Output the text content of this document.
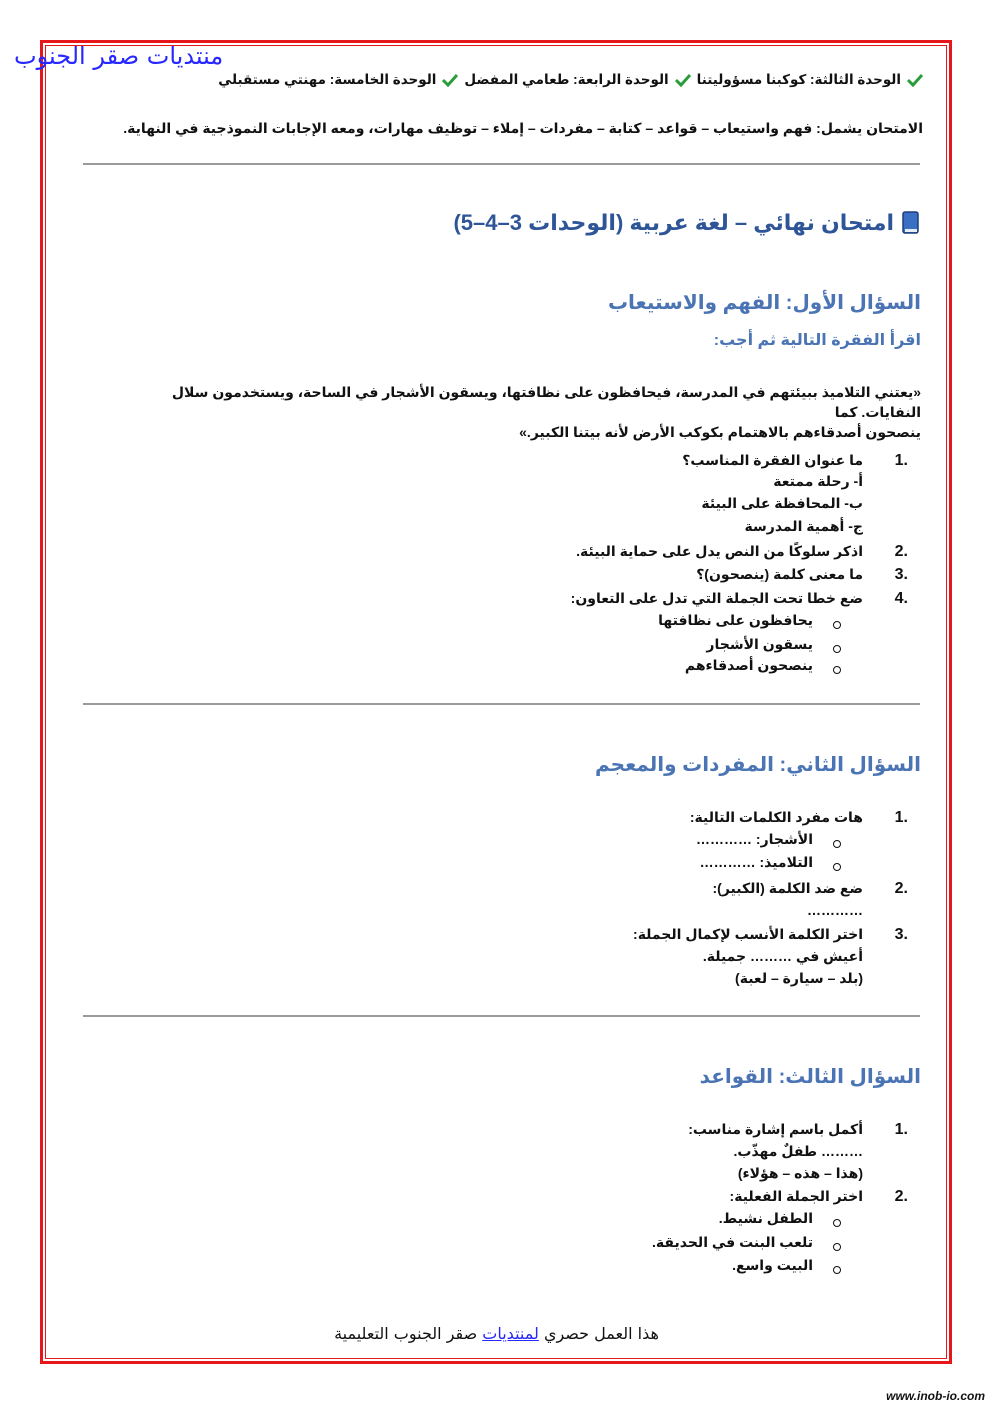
منتديات صقر الجنوب
الوحدة الثالثة: كوكبنا مسؤوليتنا
الوحدة الرابعة: طعامي المفضل
الوحدة الخامسة: مهنتي مستقبلي
الامتحان يشمل: فهم واستيعاب – قواعد – كتابة – مفردات – إملاء – توظيف مهارات، ومعه الإجابات النموذجية في النهاية.
امتحان نهائي – لغة عربية (الوحدات 3–4–5)
السؤال الأول: الفهم والاستيعاب
اقرأ الفقرة التالية ثم أجب:
«يعتني التلاميذ ببيئتهم في المدرسة، فيحافظون على نظافتها، ويسقون الأشجار في الساحة، ويستخدمون سلال النفايات. كما
ينصحون أصدقاءهم بالاهتمام بكوكب الأرض لأنه بيتنا الكبير.»
1.
ما عنوان الفقرة المناسب؟
أ- رحلة ممتعة
ب- المحافظة على البيئة
ج- أهمية المدرسة
2.
اذكر سلوكًا من النص يدل على حماية البيئة.
3.
ما معنى كلمة (ينصحون)؟
4.
ضع خطا تحت الجملة التي تدل على التعاون:
يحافظون على نظافتها
يسقون الأشجار
ينصحون أصدقاءهم
السؤال الثاني: المفردات والمعجم
1.
هات مفرد الكلمات التالية:
الأشجار: …………
التلاميذ: …………
2.
ضع ضد الكلمة (الكبير):
…………
3.
اختر الكلمة الأنسب لإكمال الجملة:
أعيش في ……… جميلة.
(بلد – سيارة – لعبة)
السؤال الثالث: القواعد
1.
أكمل باسم إشارة مناسب:
……… طفلٌ مهذّب.
(هذا – هذه – هؤلاء)
2.
اختر الجملة الفعلية:
الطفل نشيط.
تلعب البنت في الحديقة.
البيت واسع.
هذا العمل حصري لمنتديات صقر الجنوب التعليمية
www.inob-io.com
